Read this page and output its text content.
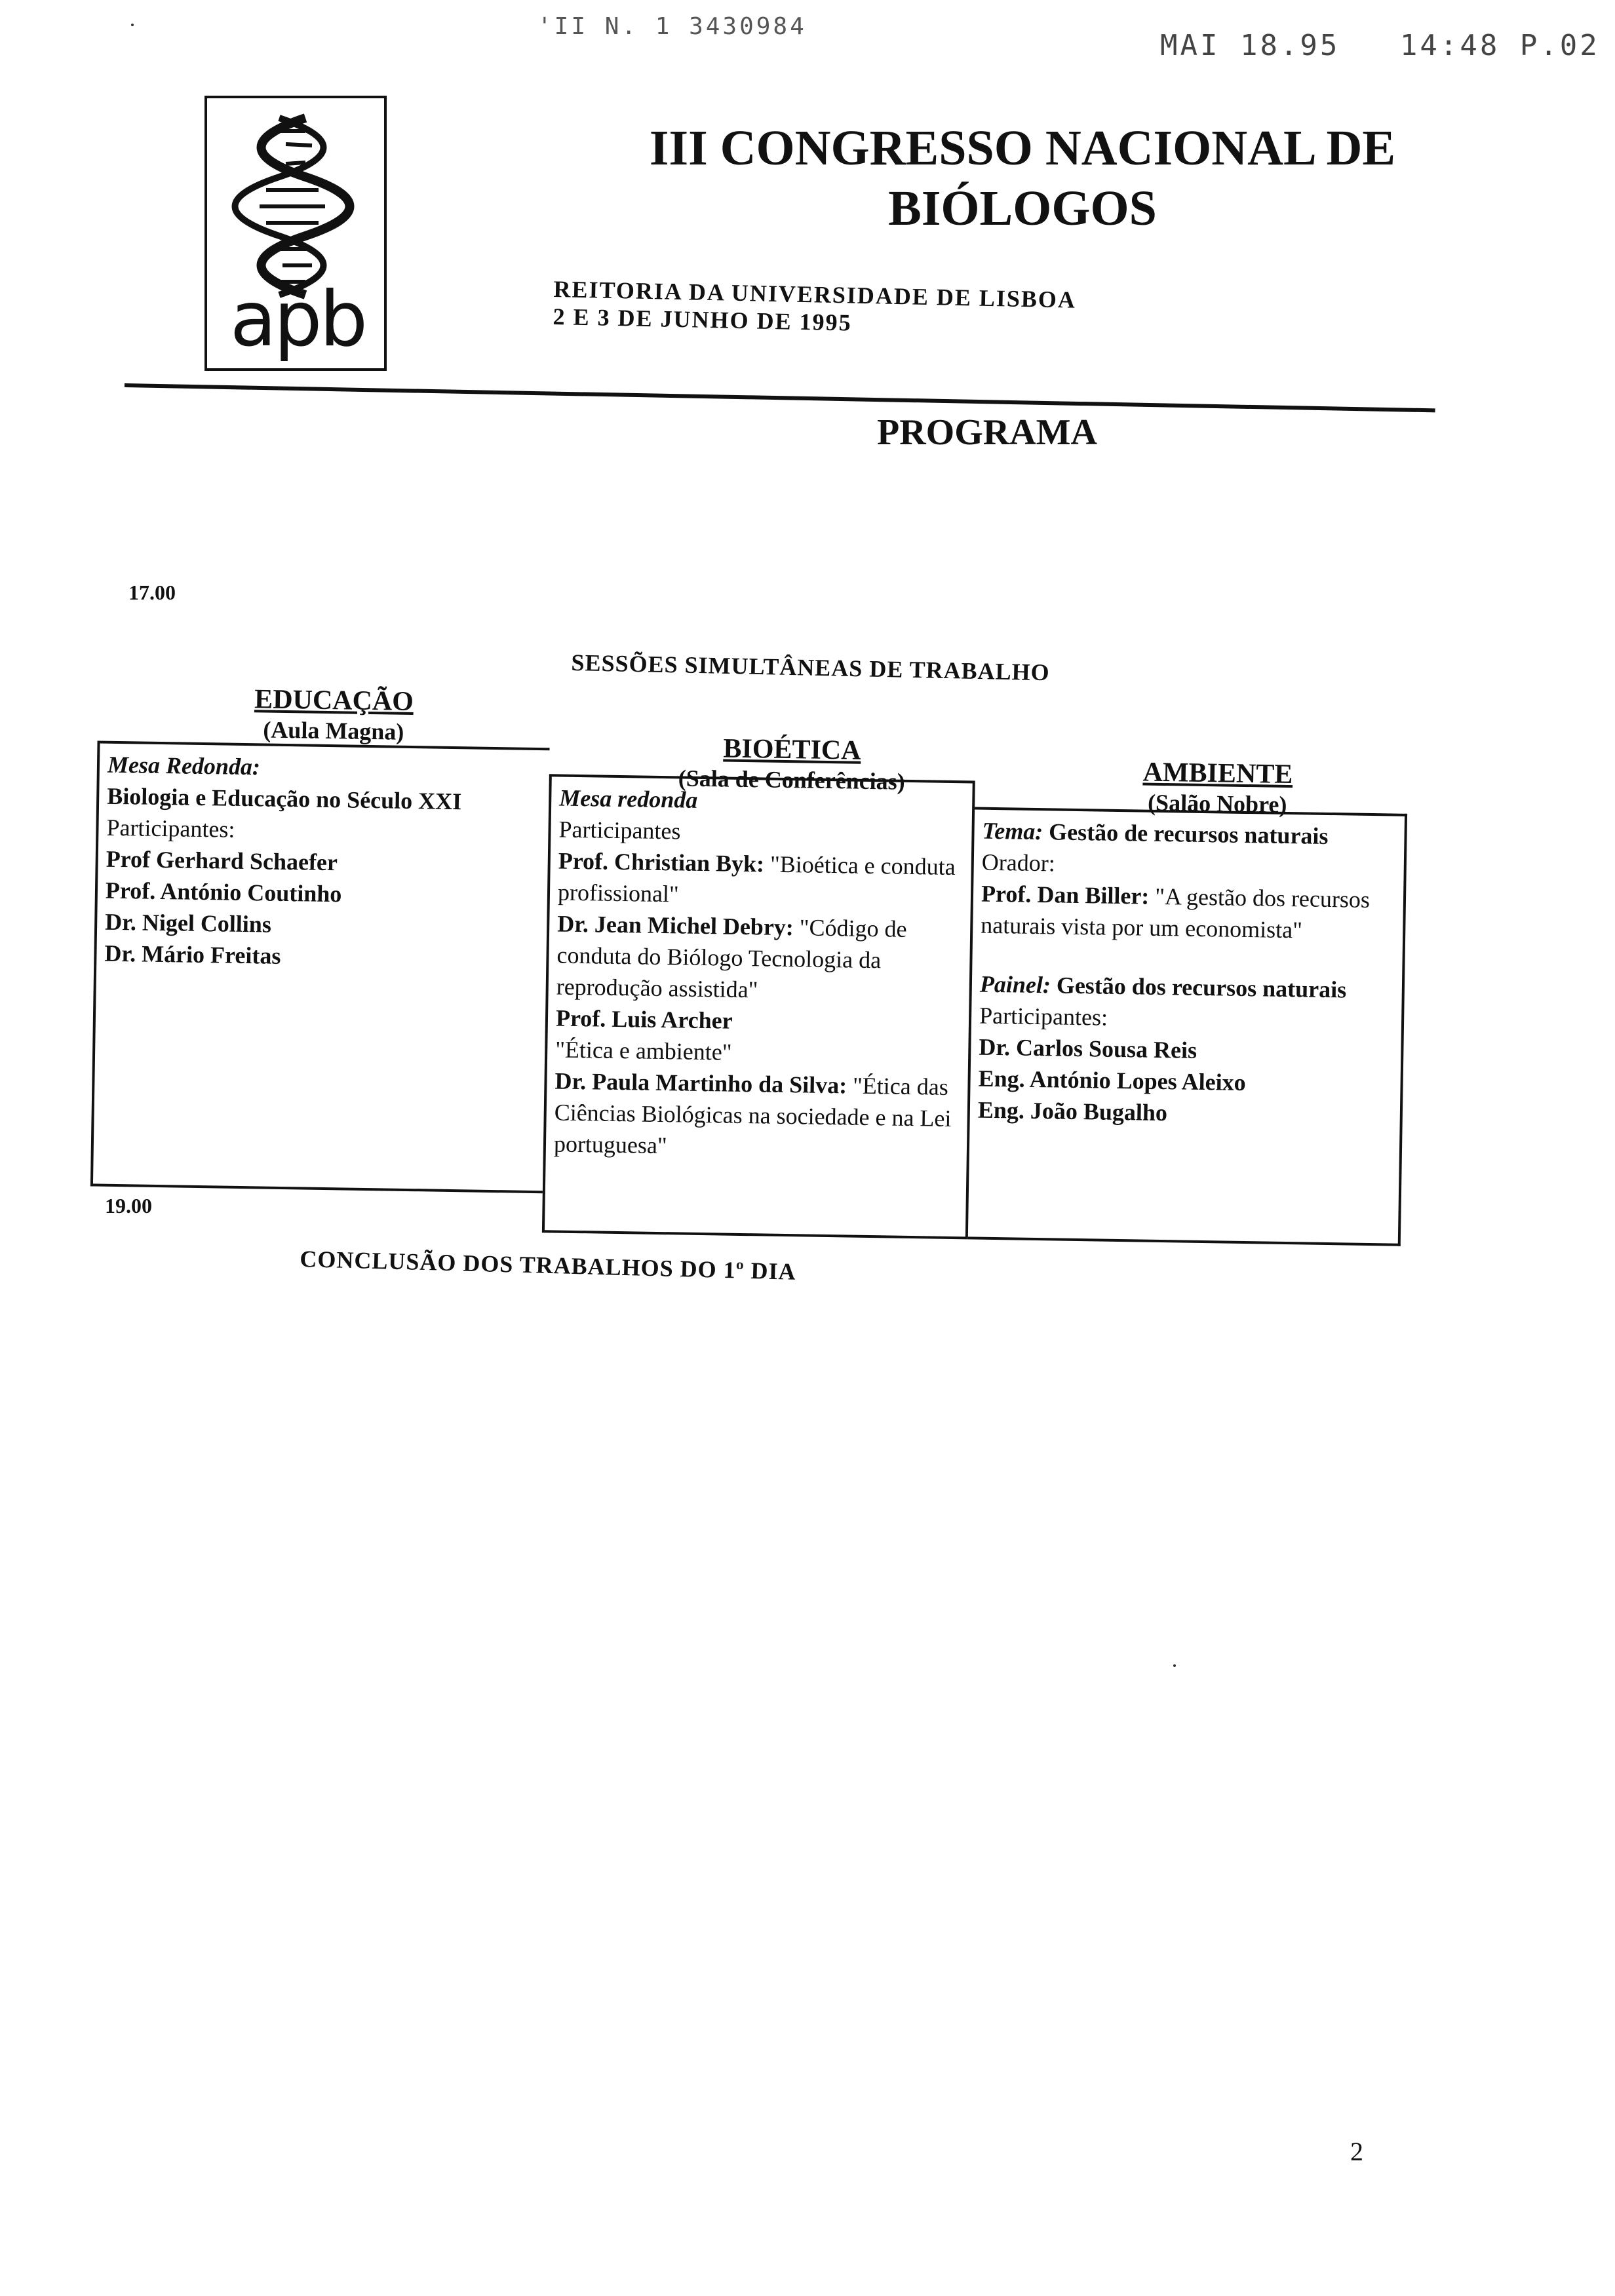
'II N. 1 3430984
MAI 18.95   14:48 P.02
apb
III CONGRESSO NACIONAL DE
BIÓLOGOS
REITORIA DA UNIVERSIDADE DE LISBOA
2 E 3 DE JUNHO DE 1995
PROGRAMA
17.00
SESSÕES SIMULTÂNEAS DE TRABALHO
EDUCAÇÃO
(Aula Magna)
BIOÉTICA
(Sala de Conferências)	AMBIENTE
(Salão Nobre)

Mesa Redonda:

Biologia e Educação no Século XXI

Participantes:

Prof Gerhard Schaefer

Prof. António Coutinho

Dr. Nigel Collins

Dr. Mário Freitas

Mesa redonda

Participantes

Prof. Christian Byk: "Bioética e conduta profissional"

Dr. Jean Michel Debry: "Código de conduta do Biólogo Tecnologia da reprodução assistida"

Prof. Luis Archer
"Ética e ambiente"

Dr. Paula Martinho da Silva: "Ética das Ciências Biológicas na sociedade e na Lei portuguesa"

Tema: Gestão de recursos naturais

Orador:

Prof. Dan Biller: "A gestão dos recursos naturais vista por um economista"

Painel: Gestão dos recursos naturais

Participantes:

Dr. Carlos Sousa Reis

Eng. António Lopes Aleixo

Eng. João Bugalho

19.00
CONCLUSÃO DOS TRABALHOS DO 1º DIA
2
